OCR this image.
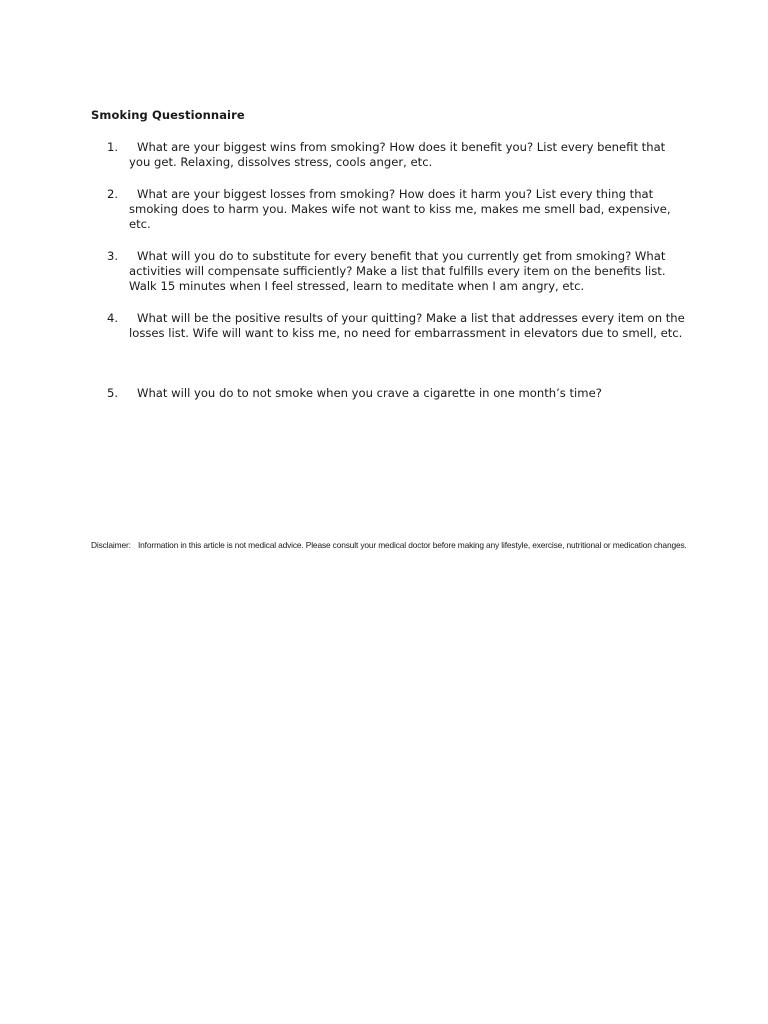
Smoking Questionnaire
1.	What are your biggest wins from smoking? How does it benefit you? List every benefit that you get. Relaxing, dissolves stress, cools anger, etc.
2.	What are your biggest losses from smoking? How does it harm you? List every thing that smoking does to harm you. Makes wife not want to kiss me, makes me smell bad, expensive, etc.
3.	What will you do to substitute for every benefit that you currently get from smoking? What activities will compensate sufficiently? Make a list that fulfills every item on the benefits list. Walk 15 minutes when I feel stressed, learn to meditate when I am angry, etc.
4.	What will be the positive results of your quitting? Make a list that addresses every item on the losses list. Wife will want to kiss me, no need for embarrassment in elevators due to smell, etc.
5.	What will you do to not smoke when you crave a cigarette in one month’s time?
Disclaimer: Information in this article is not medical advice. Please consult your medical doctor before making any lifestyle, exercise, nutritional or medication changes.
